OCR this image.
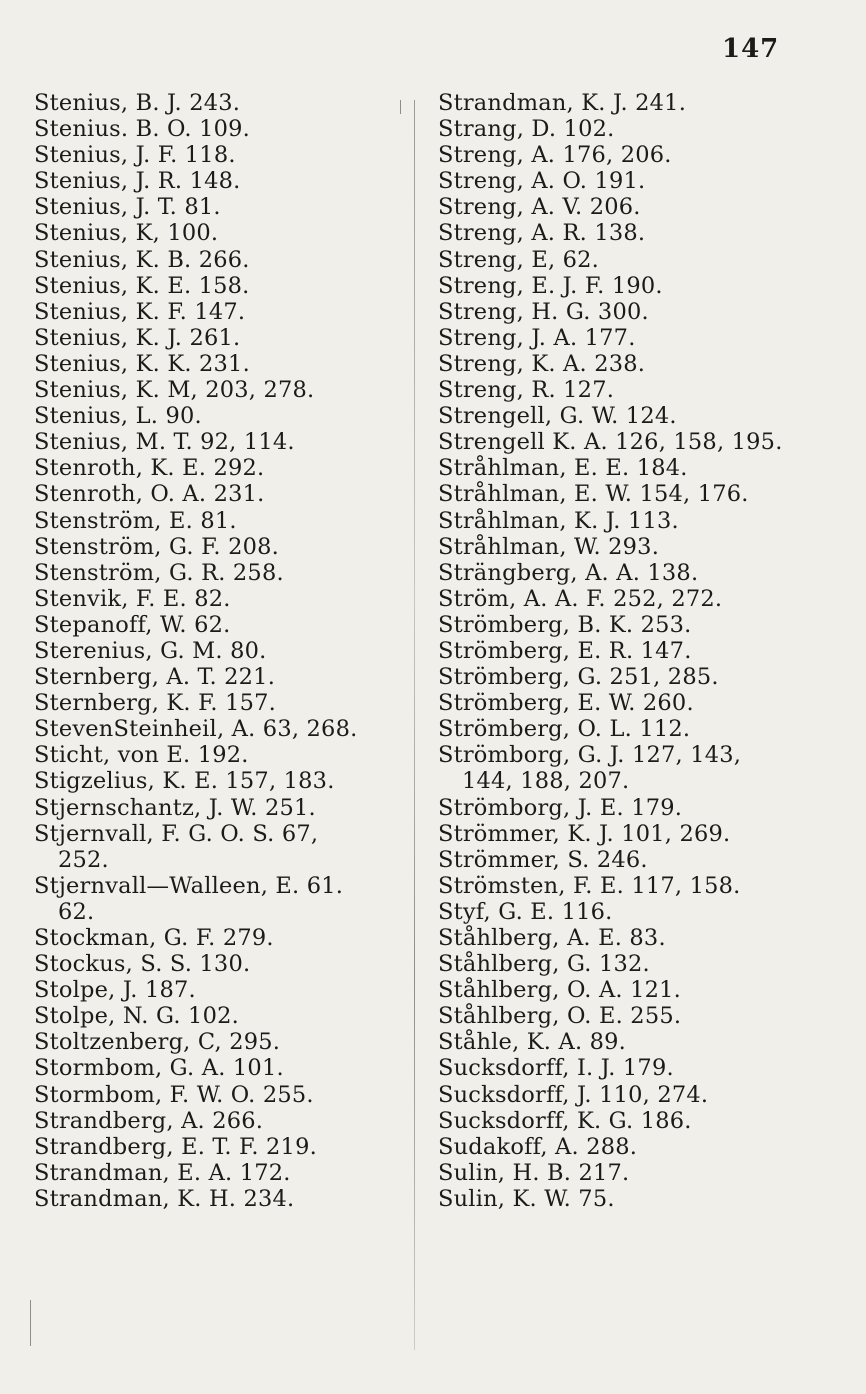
147
Stenius, B. J. 243.
Stenius. B. O. 109.
Stenius, J. F. 118.
Stenius, J. R. 148.
Stenius, J. T. 81.
Stenius, K, 100.
Stenius, K. B. 266.
Stenius, K. E. 158.
Stenius, K. F. 147.
Stenius, K. J. 261.
Stenius, K. K. 231.
Stenius, K. M, 203, 278.
Stenius, L. 90.
Stenius, M. T. 92, 114.
Stenroth, K. E. 292.
Stenroth, O. A. 231.
Stenström, E. 81.
Stenström, G. F. 208.
Stenström, G. R. 258.
Stenvik, F. E. 82.
Stepanoff, W. 62.
Sterenius, G. M. 80.
Sternberg, A. T. 221.
Sternberg, K. F. 157.
StevenSteinheil, A. 63, 268.
Sticht, von E. 192.
Stigzelius, K. E. 157, 183.
Stjernschantz, J. W. 251.
Stjernvall, F. G. O. S. 67,
252.
Stjernvall—Walleen, E. 61.
62.
Stockman, G. F. 279.
Stockus, S. S. 130.
Stolpe, J. 187.
Stolpe, N. G. 102.
Stoltzenberg, C, 295.
Stormbom, G. A. 101.
Stormbom, F. W. O. 255.
Strandberg, A. 266.
Strandberg, E. T. F. 219.
Strandman, E. A. 172.
Strandman, K. H. 234.
Strandman, K. J. 241.
Strang, D. 102.
Streng, A. 176, 206.
Streng, A. O. 191.
Streng, A. V. 206.
Streng, A. R. 138.
Streng, E, 62.
Streng, E. J. F. 190.
Streng, H. G. 300.
Streng, J. A. 177.
Streng, K. A. 238.
Streng, R. 127.
Strengell, G. W. 124.
Strengell K. A. 126, 158, 195.
Stråhlman, E. E. 184.
Stråhlman, E. W. 154, 176.
Stråhlman, K. J. 113.
Stråhlman, W. 293.
Strängberg, A. A. 138.
Ström, A. A. F. 252, 272.
Strömberg, B. K. 253.
Strömberg, E. R. 147.
Strömberg, G. 251, 285.
Strömberg, E. W. 260.
Strömberg, O. L. 112.
Strömborg, G. J. 127, 143,
144, 188, 207.
Strömborg, J. E. 179.
Strömmer, K. J. 101, 269.
Strömmer, S. 246.
Strömsten, F. E. 117, 158.
Styf, G. E. 116.
Ståhlberg, A. E. 83.
Ståhlberg, G. 132.
Ståhlberg, O. A. 121.
Ståhlberg, O. E. 255.
Ståhle, K. A. 89.
Sucksdorff, I. J. 179.
Sucksdorff, J. 110, 274.
Sucksdorff, K. G. 186.
Sudakoff, A. 288.
Sulin, H. B. 217.
Sulin, K. W. 75.
